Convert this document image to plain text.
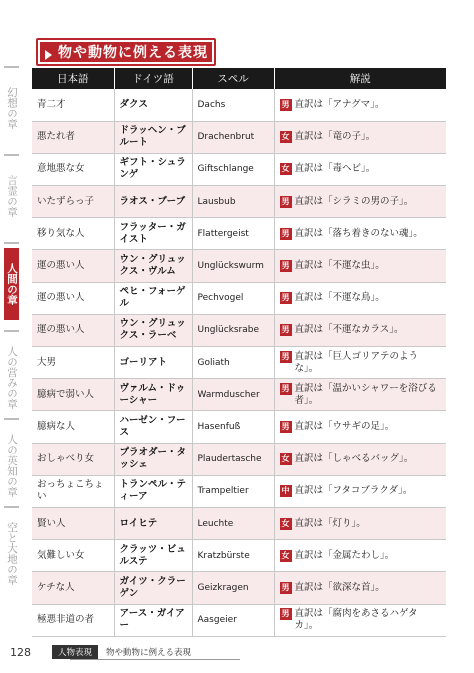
幻想の章
言霊の章
人間の章
人の営みの章
人の英知の章
空と大地の章
物や動物に例える表現
日本語	ドイツ語	スペル	解説
青二才	ダクス	Dachs	男 直訳は「アナグマ」。

悪たれ者	ドラッヘン・ブルート	Drachenbrut	女 直訳は「竜の子」。

意地悪な女	ギフト・シュランゲ	Giftschlange	女 直訳は「毒ヘビ」。

いたずらっ子	ラオス・ブーブ	Lausbub	男 直訳は「シラミの男の子」。

移り気な人	フラッター・ガイスト	Flattergeist	男 直訳は「落ち着きのない魂」。

運の悪い人	ウン・グリュックス・ヴルム	Unglückswurm	男 直訳は「不運な虫」。

運の悪い人	ペヒ・フォーゲル	Pechvogel	男 直訳は「不運な鳥」。

運の悪い人	ウン・グリュックス・ラーベ	Unglücksrabe	男 直訳は「不運なカラス」。

大男	ゴーリアト	Goliath	男 直訳は「巨人ゴリアテのような」。

臆病で弱い人	ヴァルム・ドゥーシャー	Warmduscher	男 直訳は「温かいシャワーを浴びる者」。

臆病な人	ハーゼン・フース	Hasenfuß	男 直訳は「ウサギの足」。

おしゃべり女	プラオダー・タッシェ	Plaudertasche	女 直訳は「しゃべるバッグ」。

おっちょこちょい	トランペル・ティーア	Trampeltier	中 直訳は「フタコブラクダ」。

賢い人	ロイヒテ	Leuchte	女 直訳は「灯り」。

気難しい女	クラッツ・ビュルステ	Kratzbürste	女 直訳は「金属たわし」。

ケチな人	ガイツ・クラーゲン	Geizkragen	男 直訳は「欲深な首」。

極悪非道の者	アース・ガイアー	Aasgeier	男 直訳は「腐肉をあさるハゲタカ」。
128	人物表現	物や動物に例える表現
